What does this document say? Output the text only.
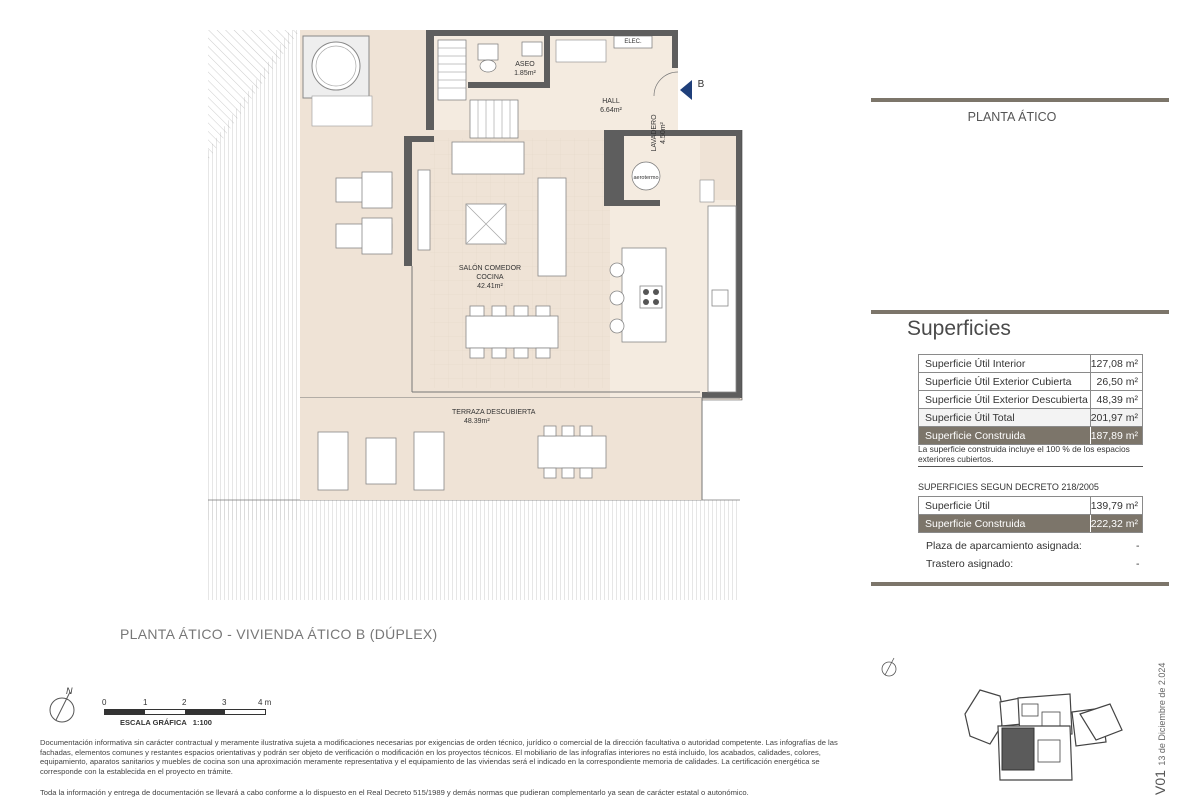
ASEO
1.85m²
ELEC.
HALL
6.64m²
B
LAVADERO 4.50m²
aerotermo
SALÓN COMEDOR
COCINA
42.41m²
TERRAZA DESCUBIERTA
48.39m²
PLANTA ÁTICO - VIVIENDA ÁTICO B (DÚPLEX)
N
0	1	2	3	4 m
ESCALA GRÁFICA   1:100
Documentación informativa sin carácter contractual y meramente ilustrativa sujeta a modificaciones necesarias por exigencias de orden técnico, jurídico o comercial de la dirección facultativa o autoridad competente. Las infografías de las fachadas, elementos comunes y restantes espacios orientativas y podrán ser objeto de verificación o modificación en los proyectos técnicos. El mobiliario de las infografías interiores no está incluido, los acabados, calidades, colores, equipamiento, aparatos sanitarios y muebles de cocina son una aproximación meramente representativa y el equipamiento de las viviendas será el indicado en la correspondiente memoria de calidades. La certificación energética se corresponde con la establecida en el proyecto en trámite.
Toda la información y entrega de documentación se llevará a cabo conforme a lo dispuesto en el Real Decreto 515/1989 y demás normas que pudieran complementarlo ya sean de carácter estatal o autonómico.
PLANTA ÁTICO
Superficies
Superficie Útil Interior	127,08
m²
Superficie Útil Exterior Cubierta	26,50
m²
Superficie Útil Exterior Descubierta 48,39
m²
Superficie Útil Total	201,97
m²
Superficie Construida	187,89
m²
La superficie construida incluye el 100 % de los espacios exteriores cubiertos.
SUPERFICIES SEGUN DECRETO 218/2005
Superficie Útil	139,79
m²
Superficie Construida	222,32
m²
Plaza de aparcamiento asignada:	-
Trastero asignado:	-
V01 13 de Diciembre de 2.024
